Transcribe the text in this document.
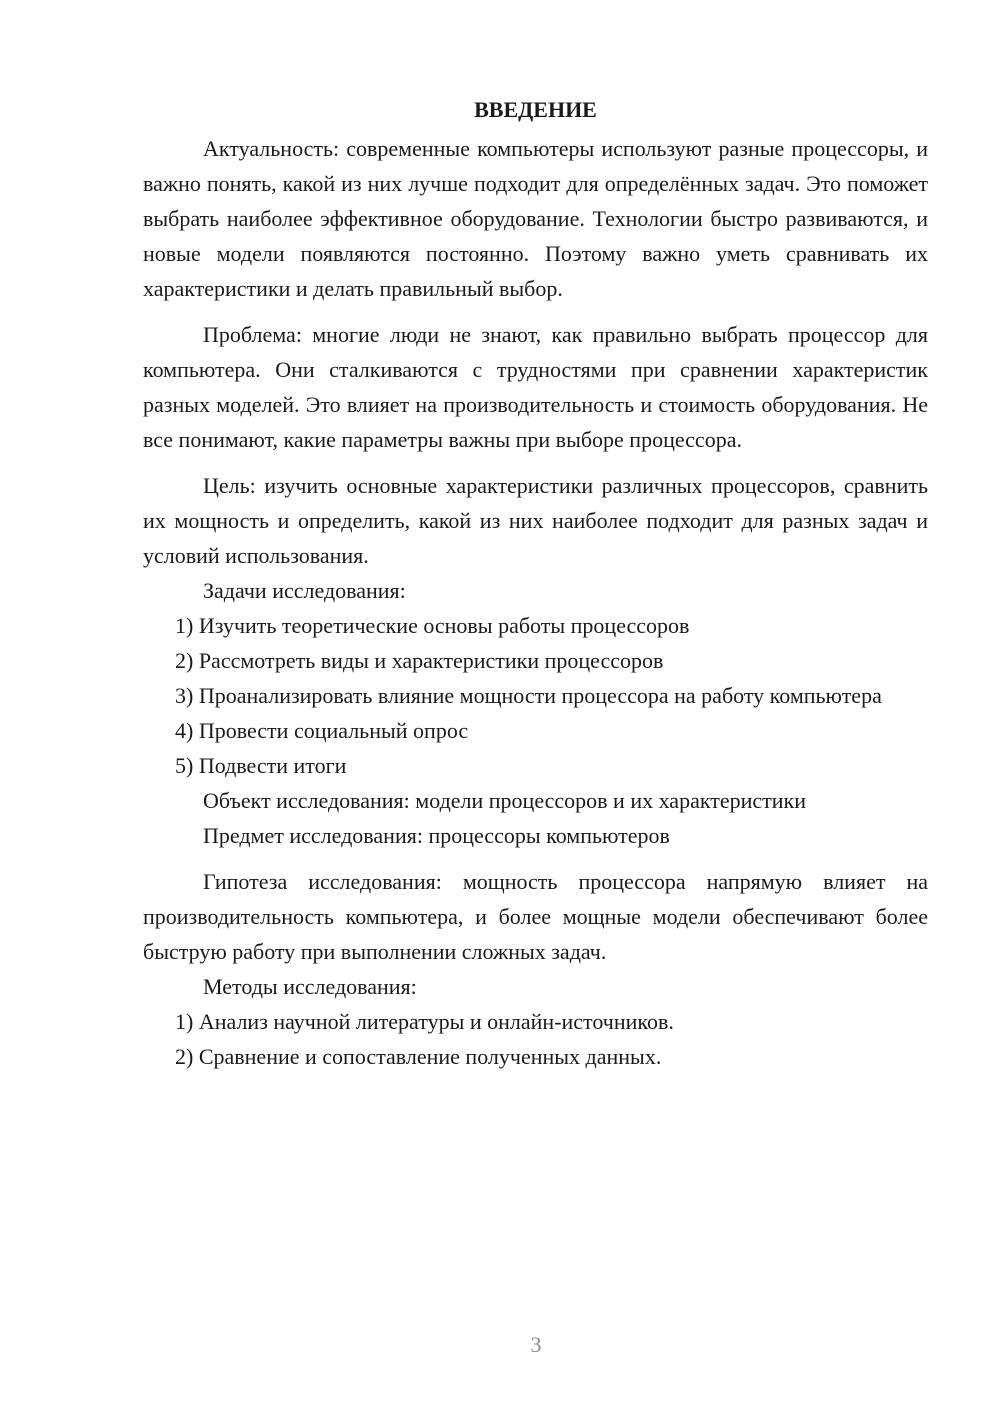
ВВЕДЕНИЕ

Актуальность: современные компьютеры используют разные процессоры, и важно понять, какой из них лучше подходит для определённых задач. Это поможет выбрать наиболее эффективное оборудование. Технологии быстро развиваются, и новые модели появляются постоянно. Поэтому важно уметь сравнивать их характеристики и делать правильный выбор.

Проблема: многие люди не знают, как правильно выбрать процессор для компьютера. Они сталкиваются с трудностями при сравнении характеристик разных моделей. Это влияет на производительность и стоимость оборудования. Не все понимают, какие параметры важны при выборе процессора.

Цель: изучить основные характеристики различных процессоров, сравнить их мощность и определить, какой из них наиболее подходит для разных задач и условий использования.

Задачи исследования:

1) Изучить теоретические основы работы процессоров

2) Рассмотреть виды и характеристики процессоров

3) Проанализировать влияние мощности процессора на работу компьютера

4) Провести социальный опрос

5) Подвести итоги

Объект исследования: модели процессоров и их характеристики

Предмет исследования: процессоры компьютеров

Гипотеза исследования: мощность процессора напрямую влияет на производительность компьютера, и более мощные модели обеспечивают более быструю работу при выполнении сложных задач.

Методы исследования:

1) Анализ научной литературы и онлайн-источников.

2) Сравнение и сопоставление полученных данных.

3
